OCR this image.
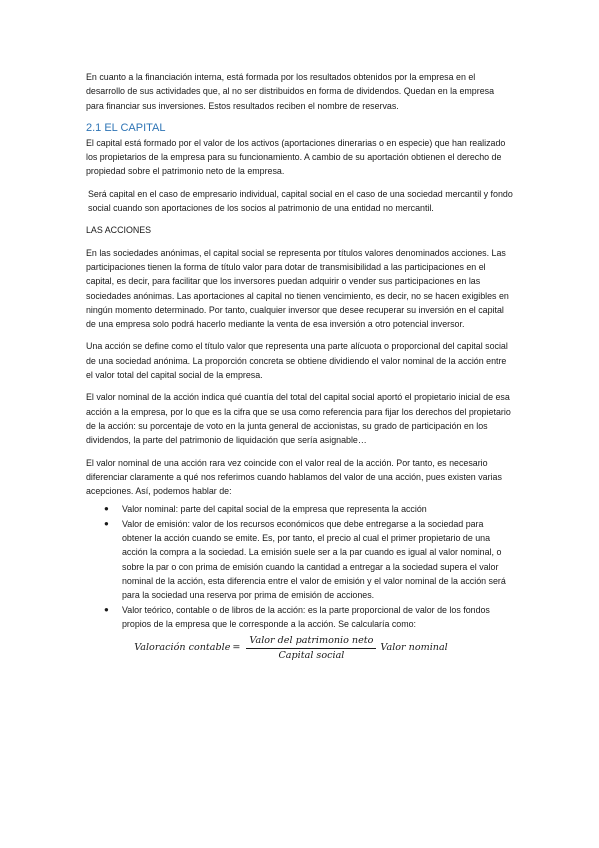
En cuanto a la financiación interna, está formada por los resultados obtenidos por la empresa en el desarrollo de sus actividades que, al no ser distribuidos en forma de dividendos. Quedan en la empresa para financiar sus inversiones. Estos resultados reciben el nombre de reservas.

2.1 EL CAPITAL

El capital está formado por el valor de los activos (aportaciones dinerarias o en especie) que han realizado los propietarios de la empresa para su funcionamiento. A cambio de su aportación obtienen el derecho de propiedad sobre el patrimonio neto de la empresa.

Será capital en el caso de empresario individual, capital social en el caso de una sociedad mercantil y fondo social cuando son aportaciones de los socios al patrimonio de una entidad no mercantil.

LAS ACCIONES

En las sociedades anónimas, el capital social se representa por títulos valores denominados acciones. Las participaciones tienen la forma de título valor para dotar de transmisibilidad a las participaciones en el capital, es decir, para facilitar que los inversores puedan adquirir o vender sus participaciones en las sociedades anónimas. Las aportaciones al capital no tienen vencimiento, es decir, no se hacen exigibles en ningún momento determinado. Por tanto, cualquier inversor que desee recuperar su inversión en el capital de una empresa solo podrá hacerlo mediante la venta de esa inversión a otro potencial inversor.

Una acción se define como el título valor que representa una parte alícuota o proporcional del capital social de una sociedad anónima. La proporción concreta se obtiene dividiendo el valor nominal de la acción entre el valor total del capital social de la empresa.

El valor nominal de la acción indica qué cuantía del total del capital social aportó el propietario inicial de esa acción a la empresa, por lo que es la cifra que se usa como referencia para fijar los derechos del propietario de la acción: su porcentaje de voto en la junta general de accionistas, su grado de participación en los dividendos, la parte del patrimonio de liquidación que sería asignable…

El valor nominal de una acción rara vez coincide con el valor real de la acción. Por tanto, es necesario diferenciar claramente a qué nos referimos cuando hablamos del valor de una acción, pues existen varias acepciones. Así, podemos hablar de:

● Valor nominal: parte del capital social de la empresa que representa la acción
● Valor de emisión: valor de los recursos económicos que debe entregarse a la sociedad para obtener la acción cuando se emite. Es, por tanto, el precio al cual el primer propietario de una acción la compra a la sociedad. La emisión suele ser a la par cuando es igual al valor nominal, o sobre la par o con prima de emisión cuando la cantidad a entregar a la sociedad supera el valor nominal de la acción, esta diferencia entre el valor de emisión y el valor nominal de la acción será para la sociedad una reserva por prima de emisión de acciones.
● Valor teórico, contable o de libros de la acción: es la parte proporcional de valor de los fondos propios de la empresa que le corresponde a la acción. Se calcularía como:
Valoración contable = $\frac{\text{Valor del patrimonio neto}}{\text{Capital social}}$ Valor nominal
